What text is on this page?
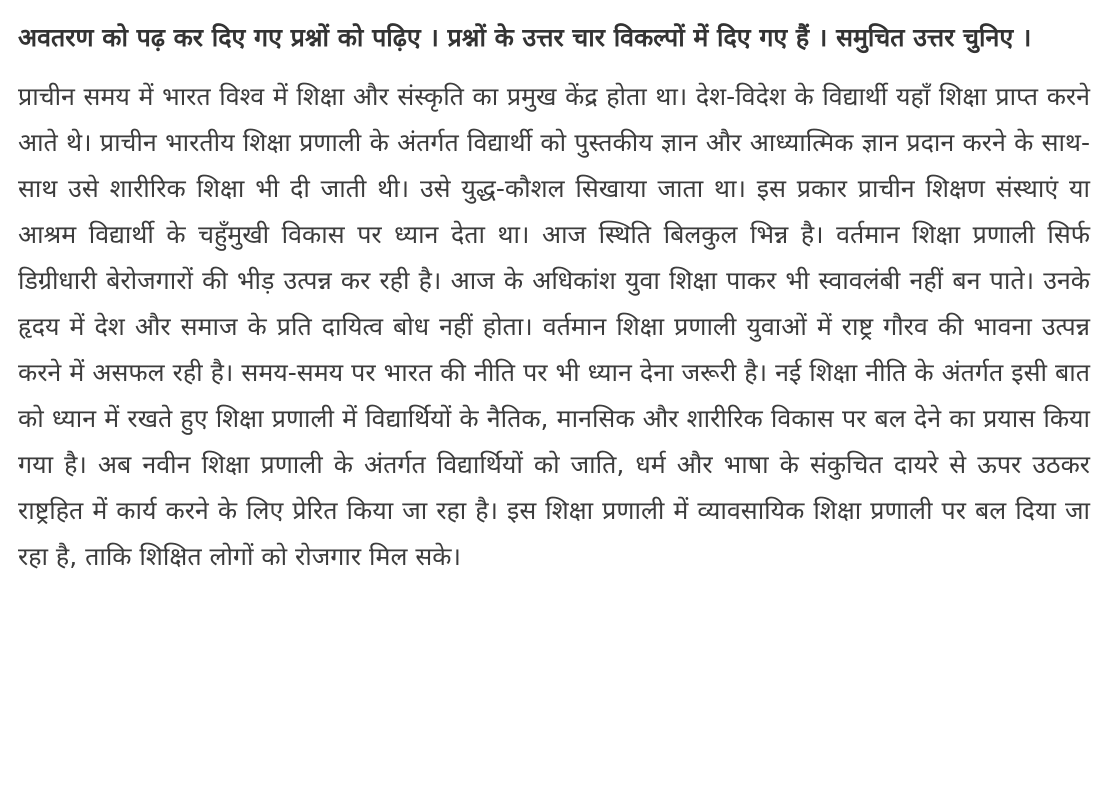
अवतरण को पढ़ कर दिए गए प्रश्नों को पढ़िए । प्रश्नों के उत्तर चार विकल्पों में दिए गए हैं । समुचित उत्तर चुनिए ।

प्राचीन समय में भारत विश्व में शिक्षा और संस्कृति का प्रमुख केंद्र होता था। देश-विदेश के विद्यार्थी यहाँ शिक्षा प्राप्त करने आते थे। प्राचीन भारतीय शिक्षा प्रणाली के अंतर्गत विद्यार्थी को पुस्तकीय ज्ञान और आध्यात्मिक ज्ञान प्रदान करने के साथ-साथ उसे शारीरिक शिक्षा भी दी जाती थी। उसे युद्ध-कौशल सिखाया जाता था। इस प्रकार प्राचीन शिक्षण संस्थाएं या आश्रम विद्यार्थी के चहुँमुखी विकास पर ध्यान देता था। आज स्थिति बिलकुल भिन्न है। वर्तमान शिक्षा प्रणाली सिर्फ डिग्रीधारी बेरोजगारों की भीड़ उत्पन्न कर रही है। आज के अधिकांश युवा शिक्षा पाकर भी स्वावलंबी नहीं बन पाते। उनके हृदय में देश और समाज के प्रति दायित्व बोध नहीं होता। वर्तमान शिक्षा प्रणाली युवाओं में राष्ट्र गौरव की भावना उत्पन्न करने में असफल रही है। समय-समय पर भारत की नीति पर भी ध्यान देना जरूरी है। नई शिक्षा नीति के अंतर्गत इसी बात को ध्यान में रखते हुए शिक्षा प्रणाली में विद्यार्थियों के नैतिक, मानसिक और शारीरिक विकास पर बल देने का प्रयास किया गया है। अब नवीन शिक्षा प्रणाली के अंतर्गत विद्यार्थियों को जाति, धर्म और भाषा के संकुचित दायरे से ऊपर उठकर राष्ट्रहित में कार्य करने के लिए प्रेरित किया जा रहा है। इस शिक्षा प्रणाली में व्यावसायिक शिक्षा प्रणाली पर बल दिया जा रहा है, ताकि शिक्षित लोगों को रोजगार मिल सके।
